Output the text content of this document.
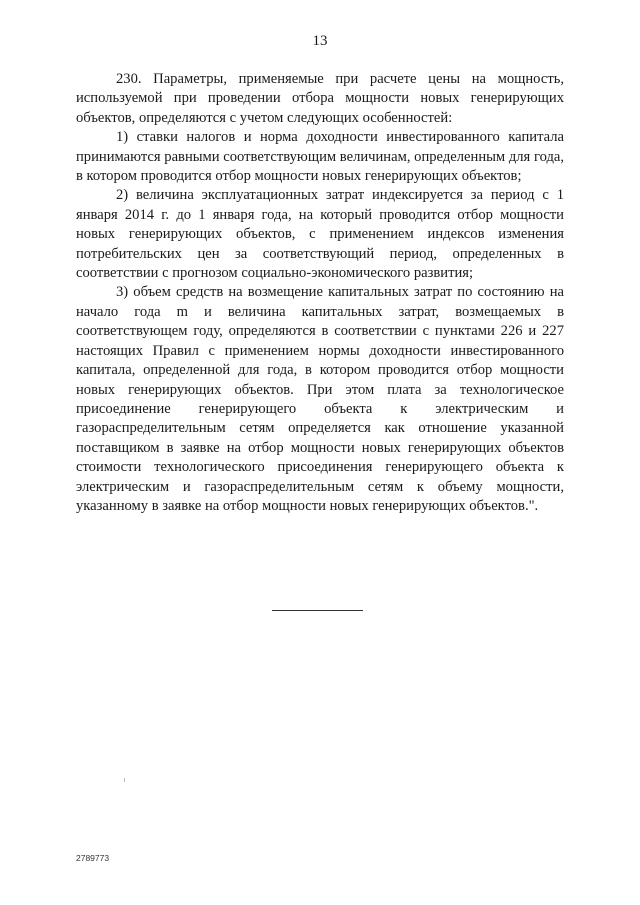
13

230. Параметры, применяемые при расчете цены на мощность, используемой при проведении отбора мощности новых генерирующих объектов, определяются с учетом следующих особенностей:

1) ставки налогов и норма доходности инвестированного капитала принимаются равными соответствующим величинам, определенным для года, в котором проводится отбор мощности новых генерирующих объектов;

2) величина эксплуатационных затрат индексируется за период с 1 января 2014 г. до 1 января года, на который проводится отбор мощности новых генерирующих объектов, с применением индексов изменения потребительских цен за соответствующий период, определенных в соответствии с прогнозом социально-экономического развития;

3) объем средств на возмещение капитальных затрат по состоянию на начало года m и величина капитальных затрат, возмещаемых в соответствующем году, определяются в соответствии с пунктами 226 и 227 настоящих Правил с применением нормы доходности инвестированного капитала, определенной для года, в котором проводится отбор мощности новых генерирующих объектов. При этом плата за технологическое присоединение генерирующего объекта к электрическим и газораспределительным сетям определяется как отношение указанной поставщиком в заявке на отбор мощности новых генерирующих объектов стоимости технологического присоединения генерирующего объекта к электрическим и газораспределительным сетям к объему мощности, указанному в заявке на отбор мощности новых генерирующих объектов.".

2789773
